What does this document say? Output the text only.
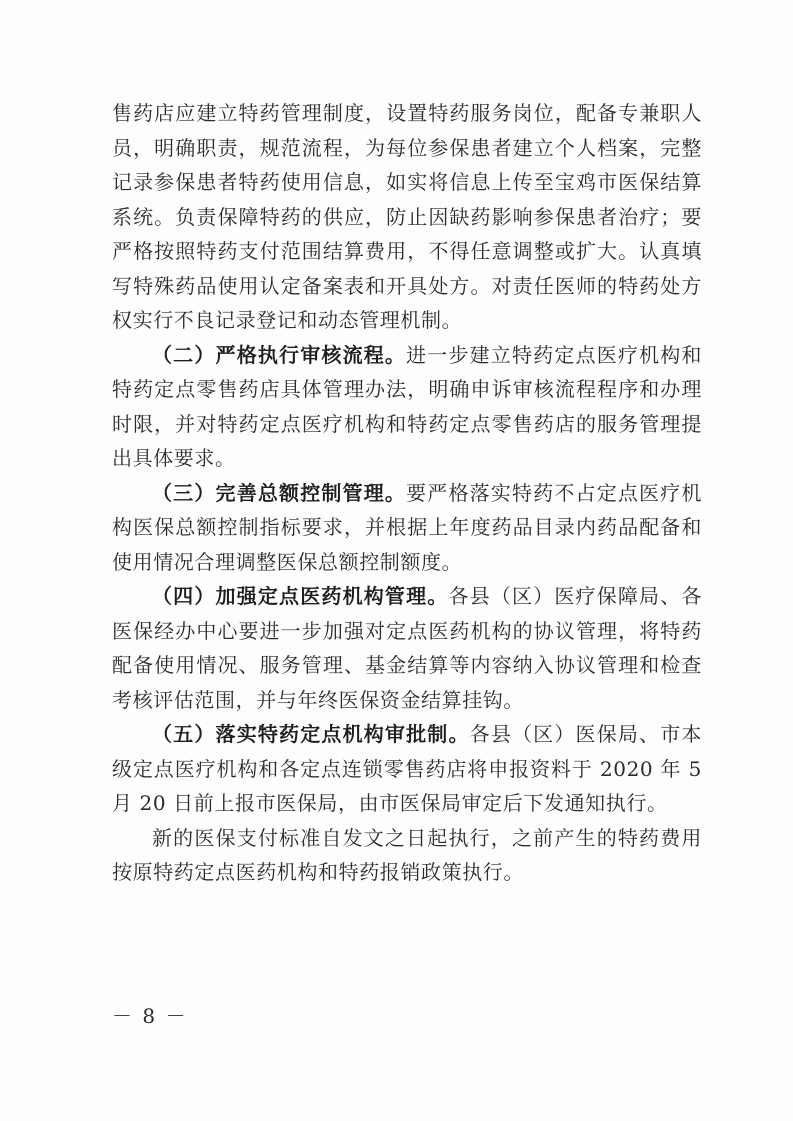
售药店应建立特药管理制度，设置特药服务岗位，配备专兼职人员，明确职责，规范流程，为每位参保患者建立个人档案，完整记录参保患者特药使用信息，如实将信息上传至宝鸡市医保结算系统。负责保障特药的供应，防止因缺药影响参保患者治疗；要严格按照特药支付范围结算费用，不得任意调整或扩大。认真填写特殊药品使用认定备案表和开具处方。对责任医师的特药处方权实行不良记录登记和动态管理机制。

（二）严格执行审核流程。进一步建立特药定点医疗机构和特药定点零售药店具体管理办法，明确申诉审核流程程序和办理时限，并对特药定点医疗机构和特药定点零售药店的服务管理提出具体要求。

（三）完善总额控制管理。要严格落实特药不占定点医疗机构医保总额控制指标要求，并根据上年度药品目录内药品配备和使用情况合理调整医保总额控制额度。

（四）加强定点医药机构管理。各县（区）医疗保障局、各医保经办中心要进一步加强对定点医药机构的协议管理，将特药配备使用情况、服务管理、基金结算等内容纳入协议管理和检查考核评估范围，并与年终医保资金结算挂钩。

（五）落实特药定点机构审批制。各县（区）医保局、市本级定点医疗机构和各定点连锁零售药店将申报资料于 2020 年 5 月 20 日前上报市医保局，由市医保局审定后下发通知执行。

新的医保支付标准自发文之日起执行，之前产生的特药费用按原特药定点医药机构和特药报销政策执行。

－ 8 －
